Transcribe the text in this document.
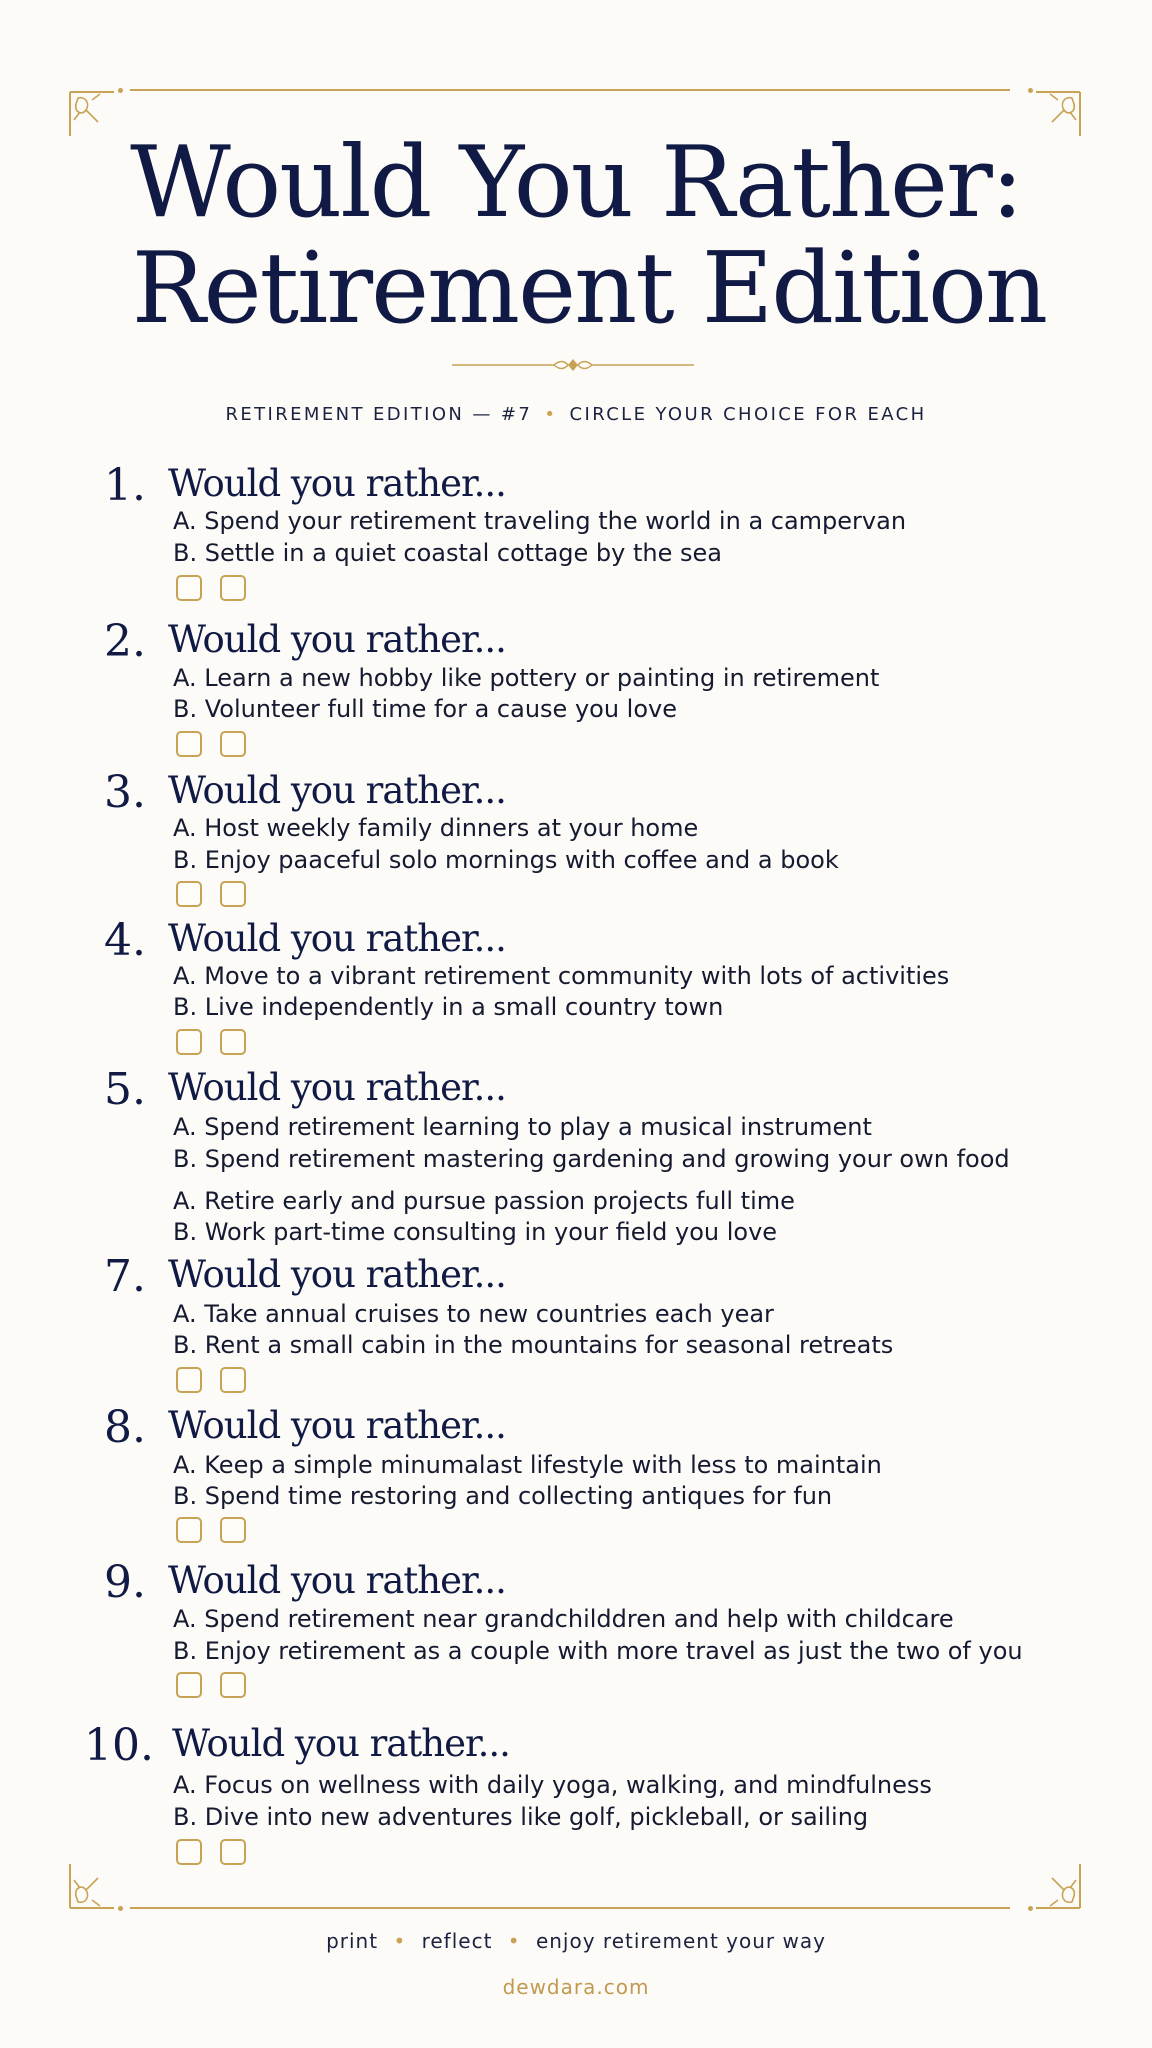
Would You Rather:
Retirement Edition
RETIREMENT EDITION — #7 • CIRCLE YOUR CHOICE FOR EACH
1. Would you rather...
A. Spend your retirement traveling the world in a campervan
B. Settle in a quiet coastal cottage by the sea
2. Would you rather...
A. Learn a new hobby like pottery or painting in retirement
B. Volunteer full time for a cause you love
3. Would you rather...
A. Host weekly family dinners at your home
B. Enjoy paaceful solo mornings with coffee and a book
4. Would you rather...
A. Move to a vibrant retirement community with lots of activities
B. Live independently in a small country town
5. Would you rather...
A. Spend retirement learning to play a musical instrument
B. Spend retirement mastering gardening and growing your own food
A. Retire early and pursue passion projects full time
B. Work part-time consulting in your field you love
7. Would you rather...
A. Take annual cruises to new countries each year
B. Rent a small cabin in the mountains for seasonal retreats
8. Would you rather...
A. Keep a simple minumalast lifestyle with less to maintain
B. Spend time restoring and collecting antiques for fun
9. Would you rather...
A. Spend retirement near grandchilddren and help with childcare
B. Enjoy retirement as a couple with more travel as just the two of you
10. Would you rather...
A. Focus on wellness with daily yoga, walking, and mindfulness
B. Dive into new adventures like golf, pickleball, or sailing
print • reflect • enjoy retirement your way
dewdara.com
